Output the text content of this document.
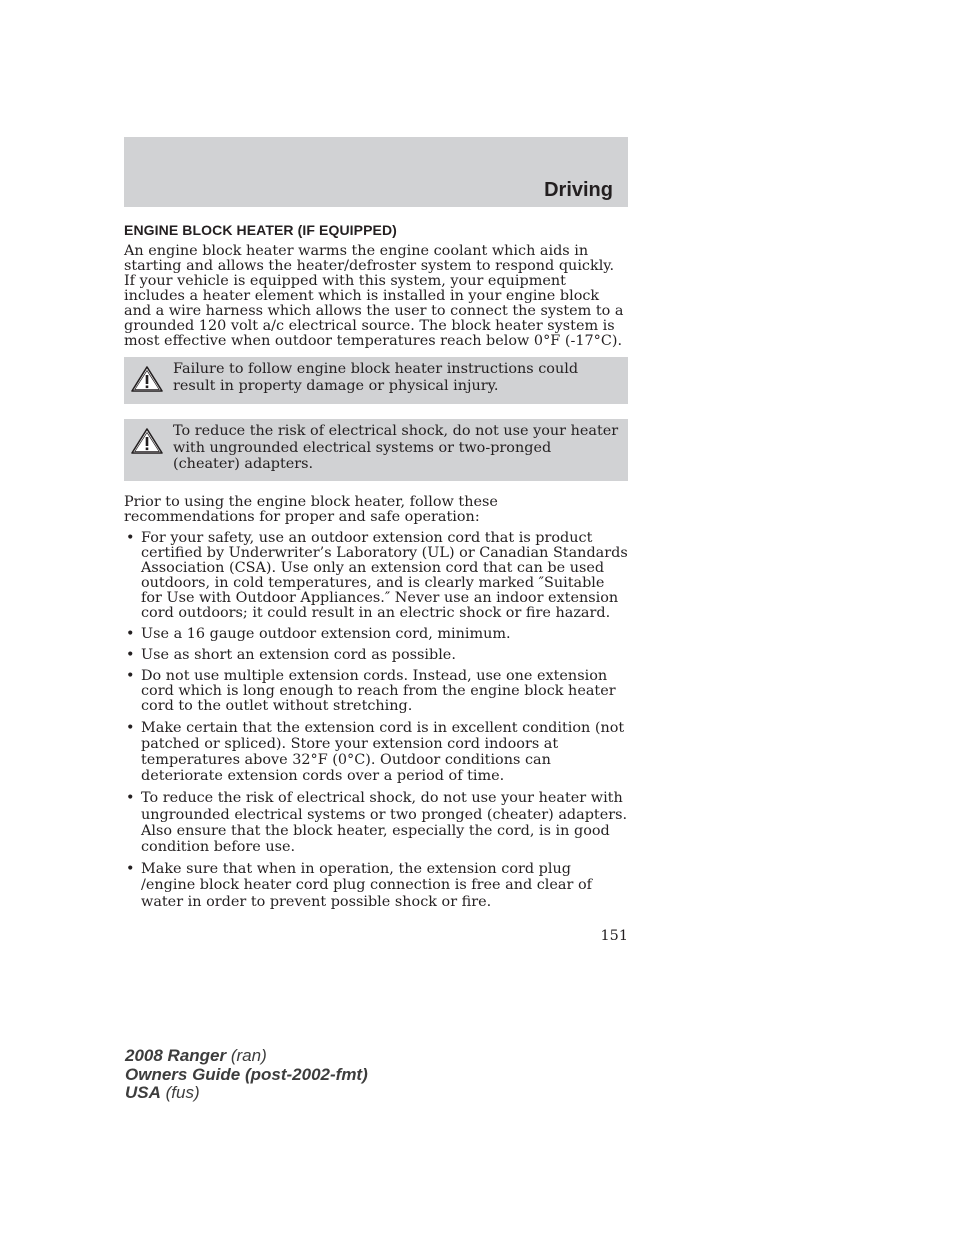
Driving
ENGINE BLOCK HEATER (IF EQUIPPED)

An engine block heater warms the engine coolant which aids in starting and allows the heater/defroster system to respond quickly. If your vehicle is equipped with this system, your equipment includes a heater element which is installed in your engine block and a wire harness which allows the user to connect the system to a grounded 120 volt a/c electrical source. The block heater system is most effective when outdoor temperatures reach below 0°F (-17°C).

Failure to follow engine block heater instructions could result in property damage or physical injury.
To reduce the risk of electrical shock, do not use your heater with ungrounded electrical systems or two-pronged (cheater) adapters.

Prior to using the engine block heater, follow these recommendations for proper and safe operation:

• For your safety, use an outdoor extension cord that is product certified by Underwriter’s Laboratory (UL) or Canadian Standards Association (CSA). Use only an extension cord that can be used outdoors, in cold temperatures, and is clearly marked ″Suitable for Use with Outdoor Appliances.″ Never use an indoor extension cord outdoors; it could result in an electric shock or fire hazard.
• Use a 16 gauge outdoor extension cord, minimum.
• Use as short an extension cord as possible.
• Do not use multiple extension cords. Instead, use one extension cord which is long enough to reach from the engine block heater cord to the outlet without stretching.
• Make certain that the extension cord is in excellent condition (not patched or spliced). Store your extension cord indoors at temperatures above 32°F (0°C). Outdoor conditions can deteriorate extension cords over a period of time.
• To reduce the risk of electrical shock, do not use your heater with ungrounded electrical systems or two pronged (cheater) adapters. Also ensure that the block heater, especially the cord, is in good condition before use.
• Make sure that when in operation, the extension cord plug /engine block heater cord plug connection is free and clear of water in order to prevent possible shock or fire.
151
2008 Ranger (ran)
Owners Guide (post-2002-fmt)
USA (fus)
